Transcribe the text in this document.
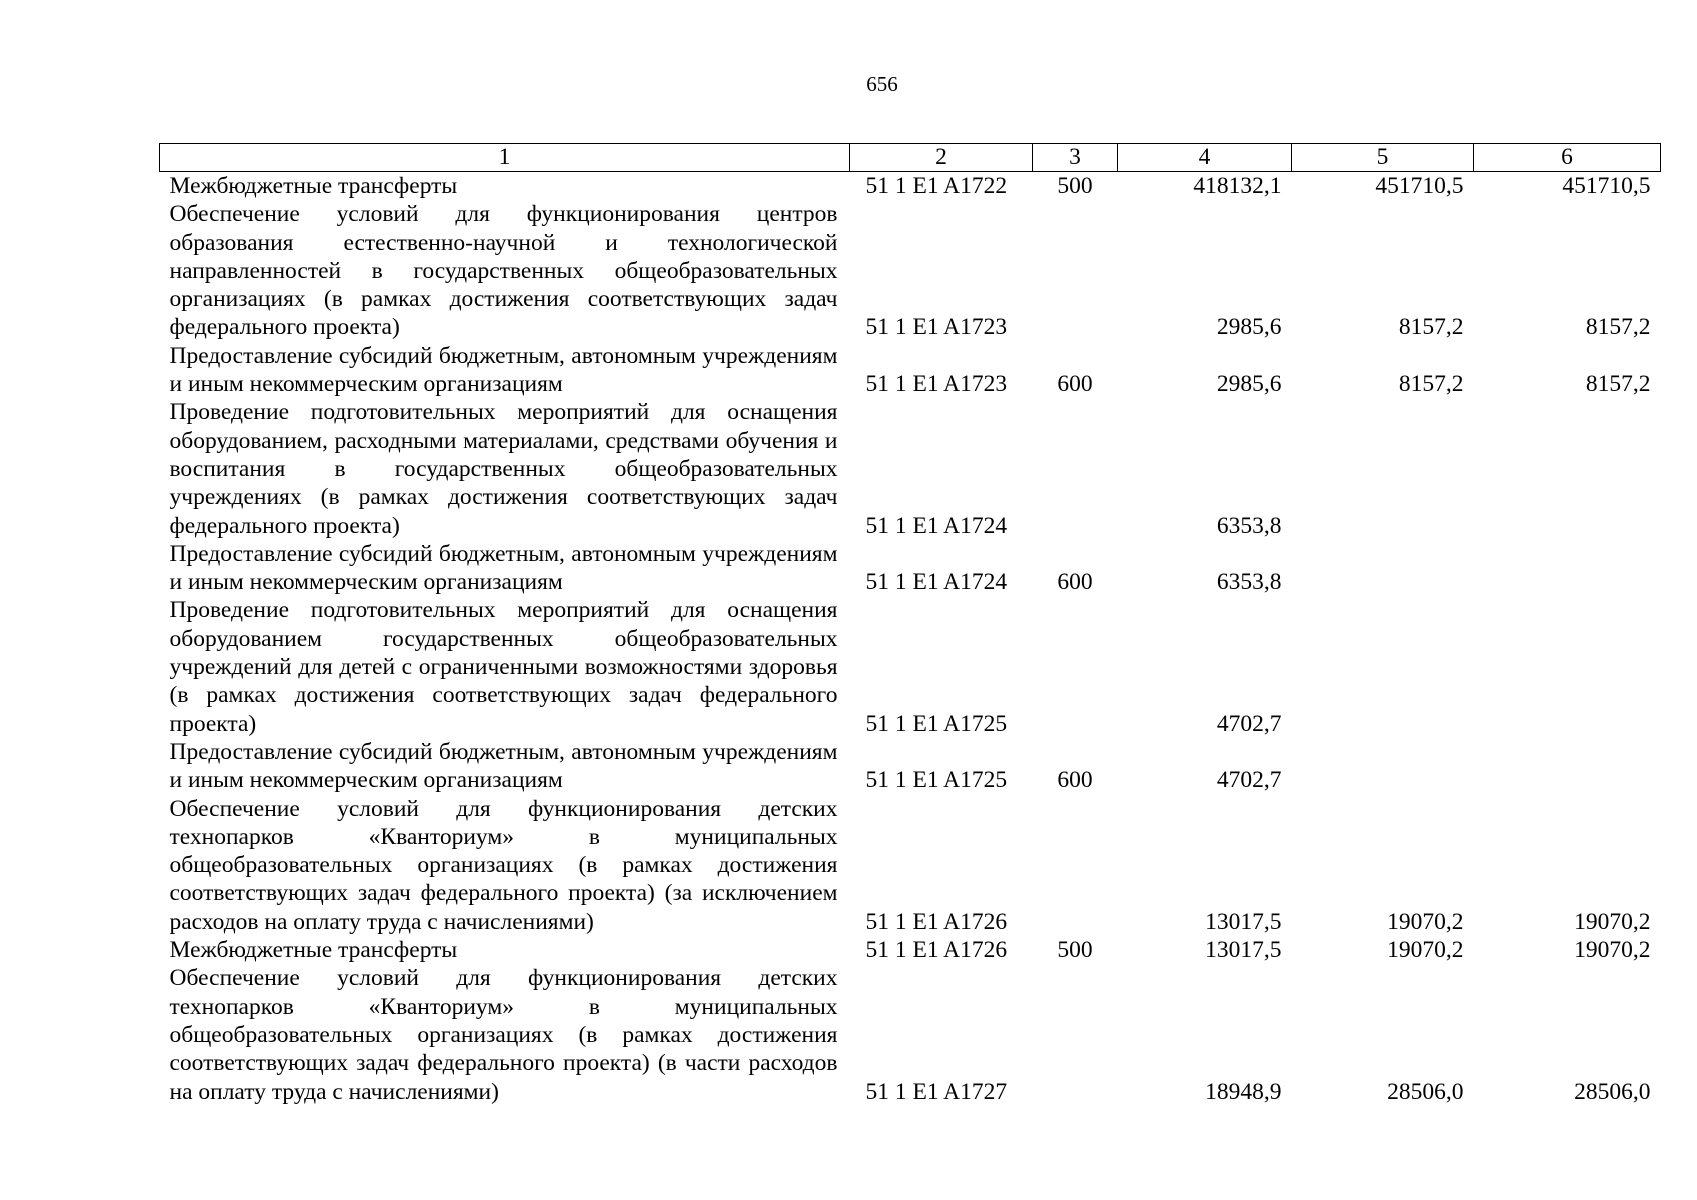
656
1	2	3	4	5	6
Межбюджетные трансферты	51 1 E1 A1722	500	418132,1	451710,5	451710,5
Обеспечение условий для функционирования центров образования естественно-научной и технологической направленностей в государственных общеобразовательных организациях (в рамках достижения соответствующих задач федерального проекта)	51 1 E1 A1723		2985,6	8157,2	8157,2
Предоставление субсидий бюджетным, автономным учреждениям и иным некоммерческим организациям	51 1 E1 A1723	600	2985,6	8157,2	8157,2
Проведение подготовительных мероприятий для оснащения оборудованием, расходными материалами, средствами обучения и воспитания в государственных общеобразовательных учреждениях (в рамках достижения соответствующих задач федерального проекта)	51 1 E1 A1724		6353,8		
Предоставление субсидий бюджетным, автономным учреждениям и иным некоммерческим организациям	51 1 E1 A1724	600	6353,8		
Проведение подготовительных мероприятий для оснащения оборудованием государственных общеобразовательных учреждений для детей с ограниченными возможностями здоровья (в рамках достижения соответствующих задач федерального проекта)	51 1 E1 A1725		4702,7		
Предоставление субсидий бюджетным, автономным учреждениям и иным некоммерческим организациям	51 1 E1 A1725	600	4702,7		
Обеспечение условий для функционирования детских технопарков «Кванториум» в муниципальных общеобразовательных организациях (в рамках достижения соответствующих задач федерального проекта) (за исключением расходов на оплату труда с начислениями)	51 1 E1 A1726		13017,5	19070,2	19070,2
Межбюджетные трансферты	51 1 E1 A1726	500	13017,5	19070,2	19070,2
Обеспечение условий для функционирования детских технопарков «Кванториум» в муниципальных общеобразовательных организациях (в рамках достижения соответствующих задач федерального проекта) (в части расходов на оплату труда с начислениями)	51 1 E1 A1727		18948,9	28506,0	28506,0
